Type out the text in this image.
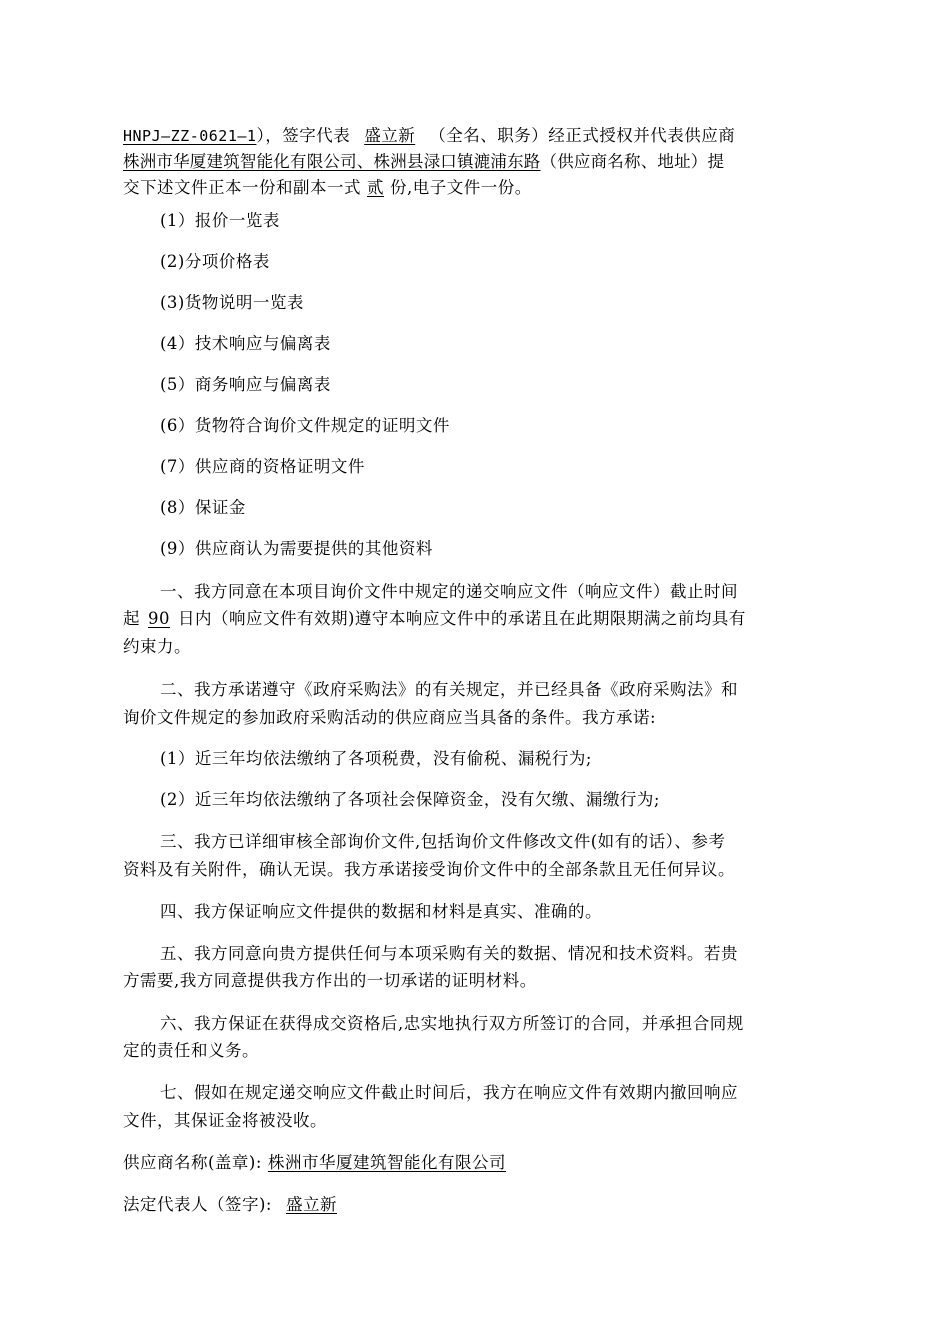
HNPJ—ZZ-0621—1），签字代表 盛立新 （全名、职务）经正式授权并代表供应商
株洲市华厦建筑智能化有限公司、株洲县渌口镇漉浦东路（供应商名称、地址）提
交下述文件正本一份和副本一式 贰 份,电子文件一份。
(1）报价一览表
(2)分项价格表
(3)货物说明一览表
(4）技术响应与偏离表
(5）商务响应与偏离表
(6）货物符合询价文件规定的证明文件
(7）供应商的资格证明文件
(8）保证金
(9）供应商认为需要提供的其他资料
一、我方同意在本项目询价文件中规定的递交响应文件（响应文件）截止时间
起 90 日内（响应文件有效期)遵守本响应文件中的承诺且在此期限期满之前均具有
约束力。
二、我方承诺遵守《政府采购法》的有关规定，并已经具备《政府采购法》和
询价文件规定的参加政府采购活动的供应商应当具备的条件。我方承诺:
(1）近三年均依法缴纳了各项税费，没有偷税、漏税行为;
(2）近三年均依法缴纳了各项社会保障资金，没有欠缴、漏缴行为;
三、我方已详细审核全部询价文件,包括询价文件修改文件(如有的话）、参考
资料及有关附件，确认无误。我方承诺接受询价文件中的全部条款且无任何异议。
四、我方保证响应文件提供的数据和材料是真实、准确的。
五、我方同意向贵方提供任何与本项采购有关的数据、情况和技术资料。若贵
方需要,我方同意提供我方作出的一切承诺的证明材料。
六、我方保证在获得成交资格后,忠实地执行双方所签订的合同，并承担合同规
定的责任和义务。
七、假如在规定递交响应文件截止时间后，我方在响应文件有效期内撤回响应
文件，其保证金将被没收。
供应商名称(盖章): 株洲市华厦建筑智能化有限公司
法定代表人（签字): 盛立新
